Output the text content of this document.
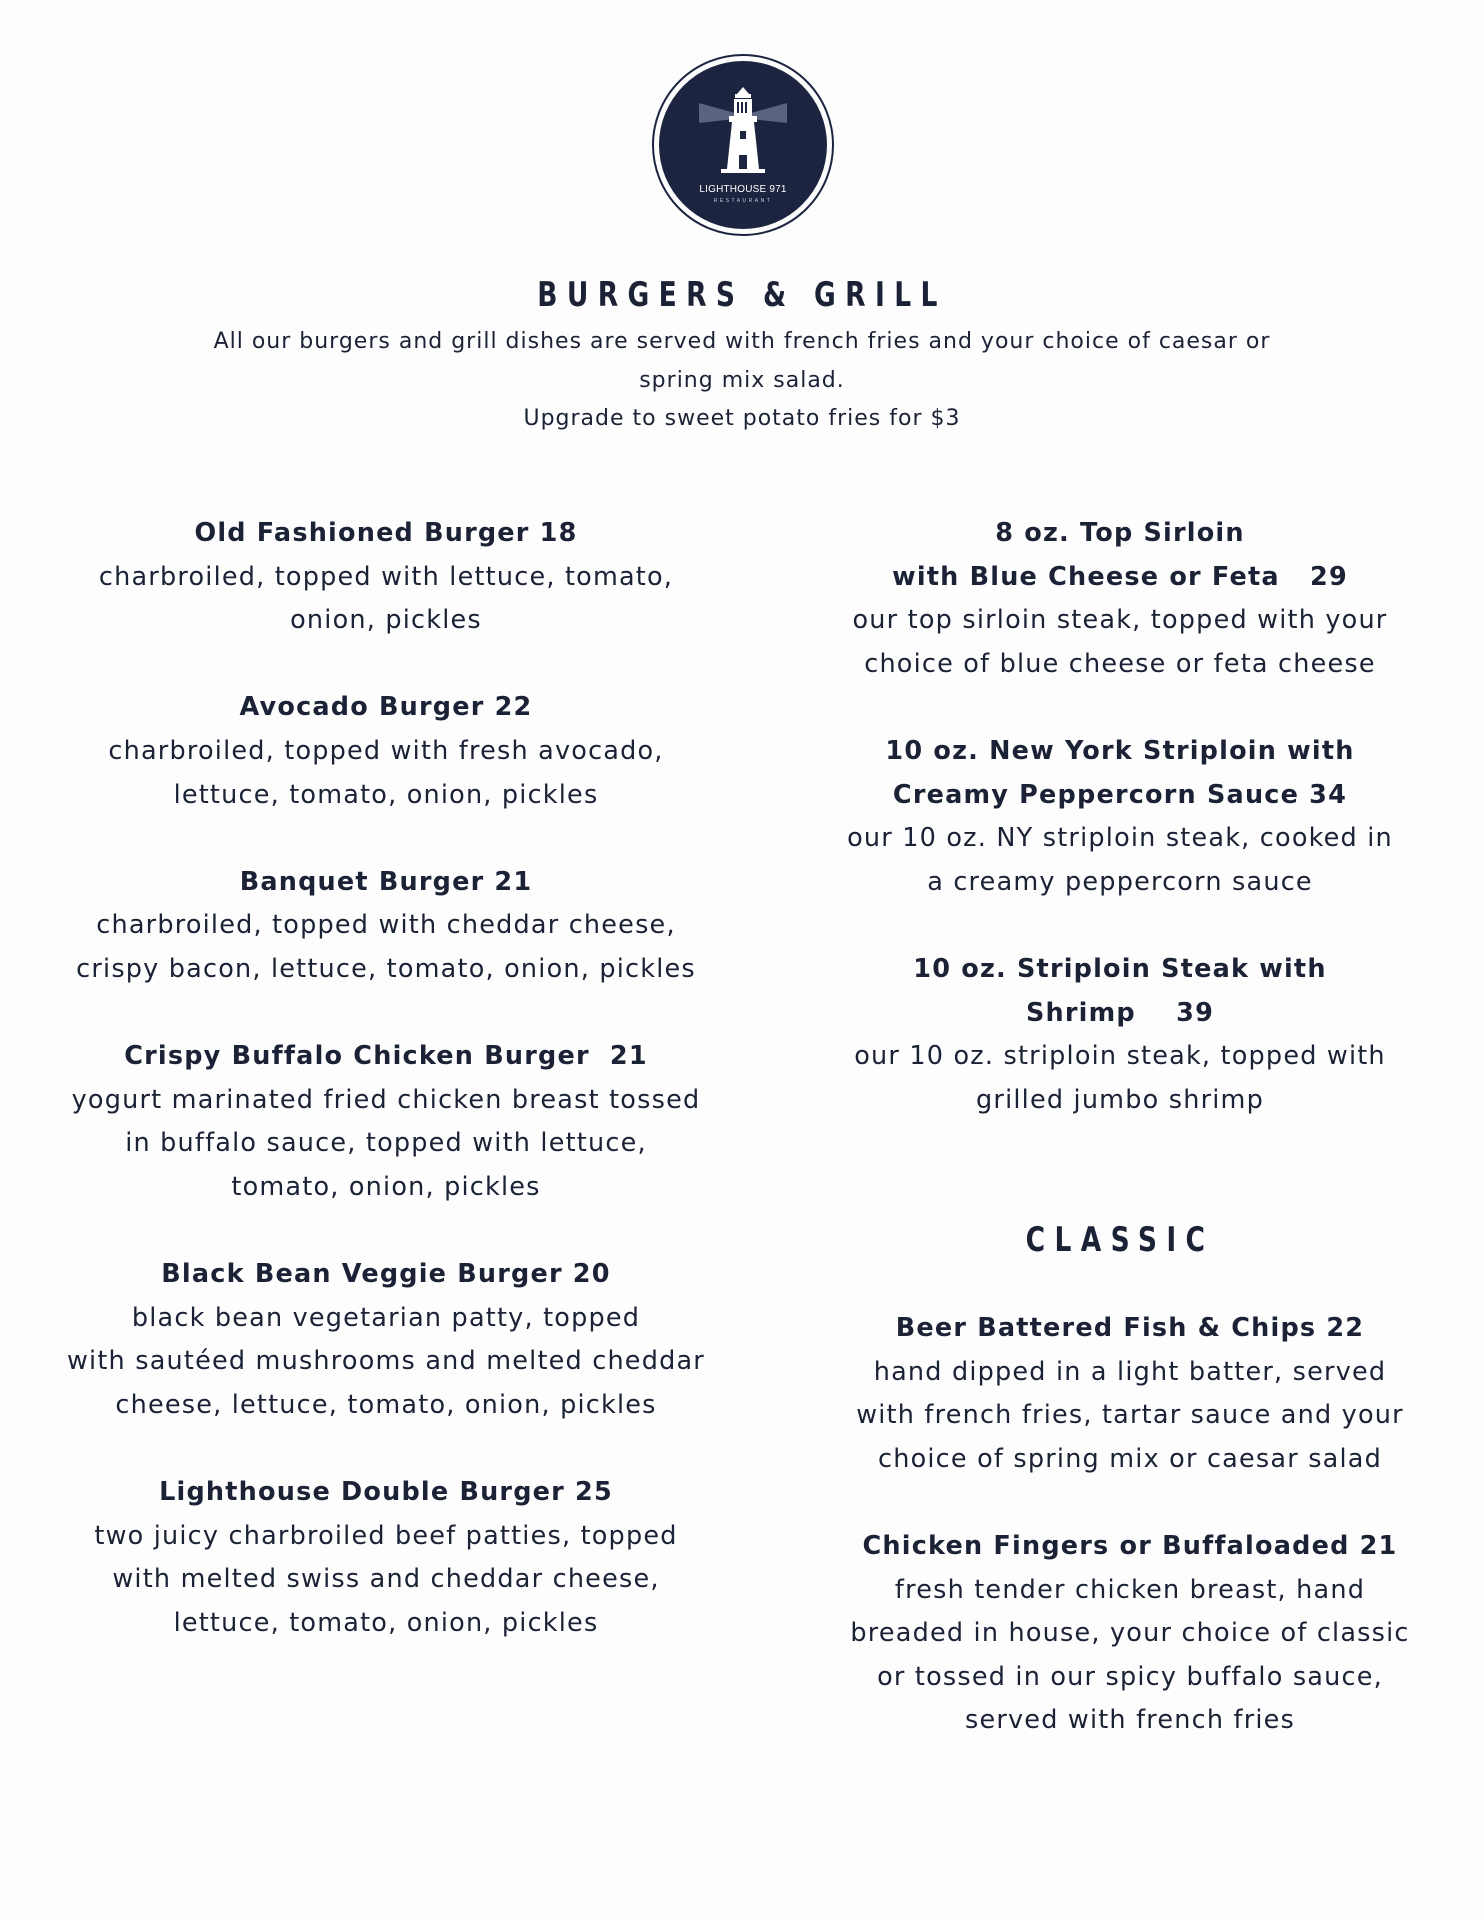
LIGHTHOUSE 971
RESTAURANT
BURGERS & GRILL
All our burgers and grill dishes are served with french fries and your choice of caesar or
spring mix salad.
Upgrade to sweet potato fries for $3
Old Fashioned Burger 18
charbroiled, topped with lettuce, tomato,
onion, pickles
Avocado Burger 22
charbroiled, topped with fresh avocado,
lettuce, tomato, onion, pickles
Banquet Burger 21
charbroiled, topped with cheddar cheese,
crispy bacon, lettuce, tomato, onion, pickles
Crispy Buffalo Chicken Burger  21
yogurt marinated fried chicken breast tossed
in buffalo sauce, topped with lettuce,
tomato, onion, pickles
Black Bean Veggie Burger 20
black bean vegetarian patty, topped
with sautéed mushrooms and melted cheddar
cheese, lettuce, tomato, onion, pickles
Lighthouse Double Burger 25
two juicy charbroiled beef patties, topped
with melted swiss and cheddar cheese,
lettuce, tomato, onion, pickles
8 oz. Top Sirloin
with Blue Cheese or Feta   29
our top sirloin steak, topped with your
choice of blue cheese or feta cheese
10 oz. New York Striploin with
Creamy Peppercorn Sauce 34
our 10 oz. NY striploin steak, cooked in
a creamy peppercorn sauce
10 oz. Striploin Steak with
Shrimp    39
our 10 oz. striploin steak, topped with
grilled jumbo shrimp
CLASSIC
Beer Battered Fish & Chips 22
hand dipped in a light batter, served
with french fries, tartar sauce and your
choice of spring mix or caesar salad
Chicken Fingers or Buffaloaded 21
fresh tender chicken breast, hand
breaded in house, your choice of classic
or tossed in our spicy buffalo sauce,
served with french fries
